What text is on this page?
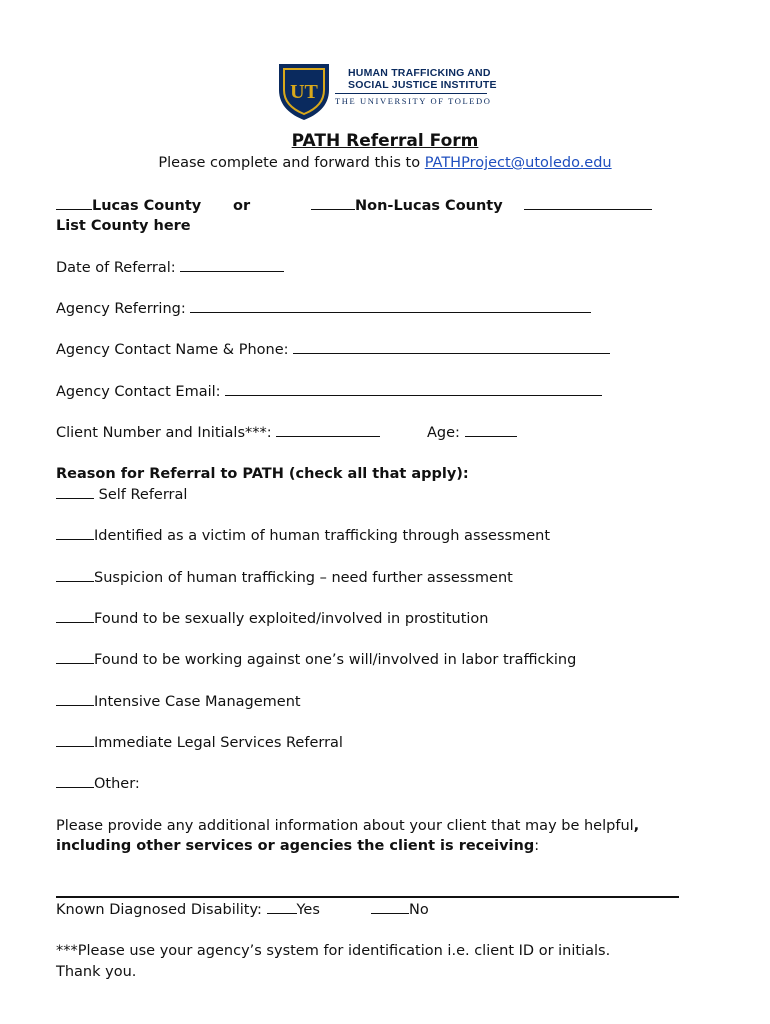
UT
HUMAN TRAFFICKING AND
SOCIAL JUSTICE INSTITUTE
THE UNIVERSITY OF TOLEDO
PATH Referral Form
Please complete and forward this to PATHProject@utoledo.edu
Lucas County or	Non-Lucas County
List County here
Date of Referral:
Agency Referring:
Agency Contact Name & Phone:
Agency Contact Email:
Client Number and Initials***:	Age:
Reason for Referral to PATH (check all that apply):
Self Referral
Identified as a victim of human trafficking through assessment
Suspicion of human trafficking – need further assessment
Found to be sexually exploited/involved in prostitution
Found to be working against one’s will/involved in labor trafficking
Intensive Case Management
Immediate Legal Services Referral
Other:
Please provide any additional information about your client that may be helpful,
including other services or agencies the client is receiving:
Known Diagnosed Disability: Yes	No
***Please use your agency’s system for identification i.e. client ID or initials.
Thank you.
